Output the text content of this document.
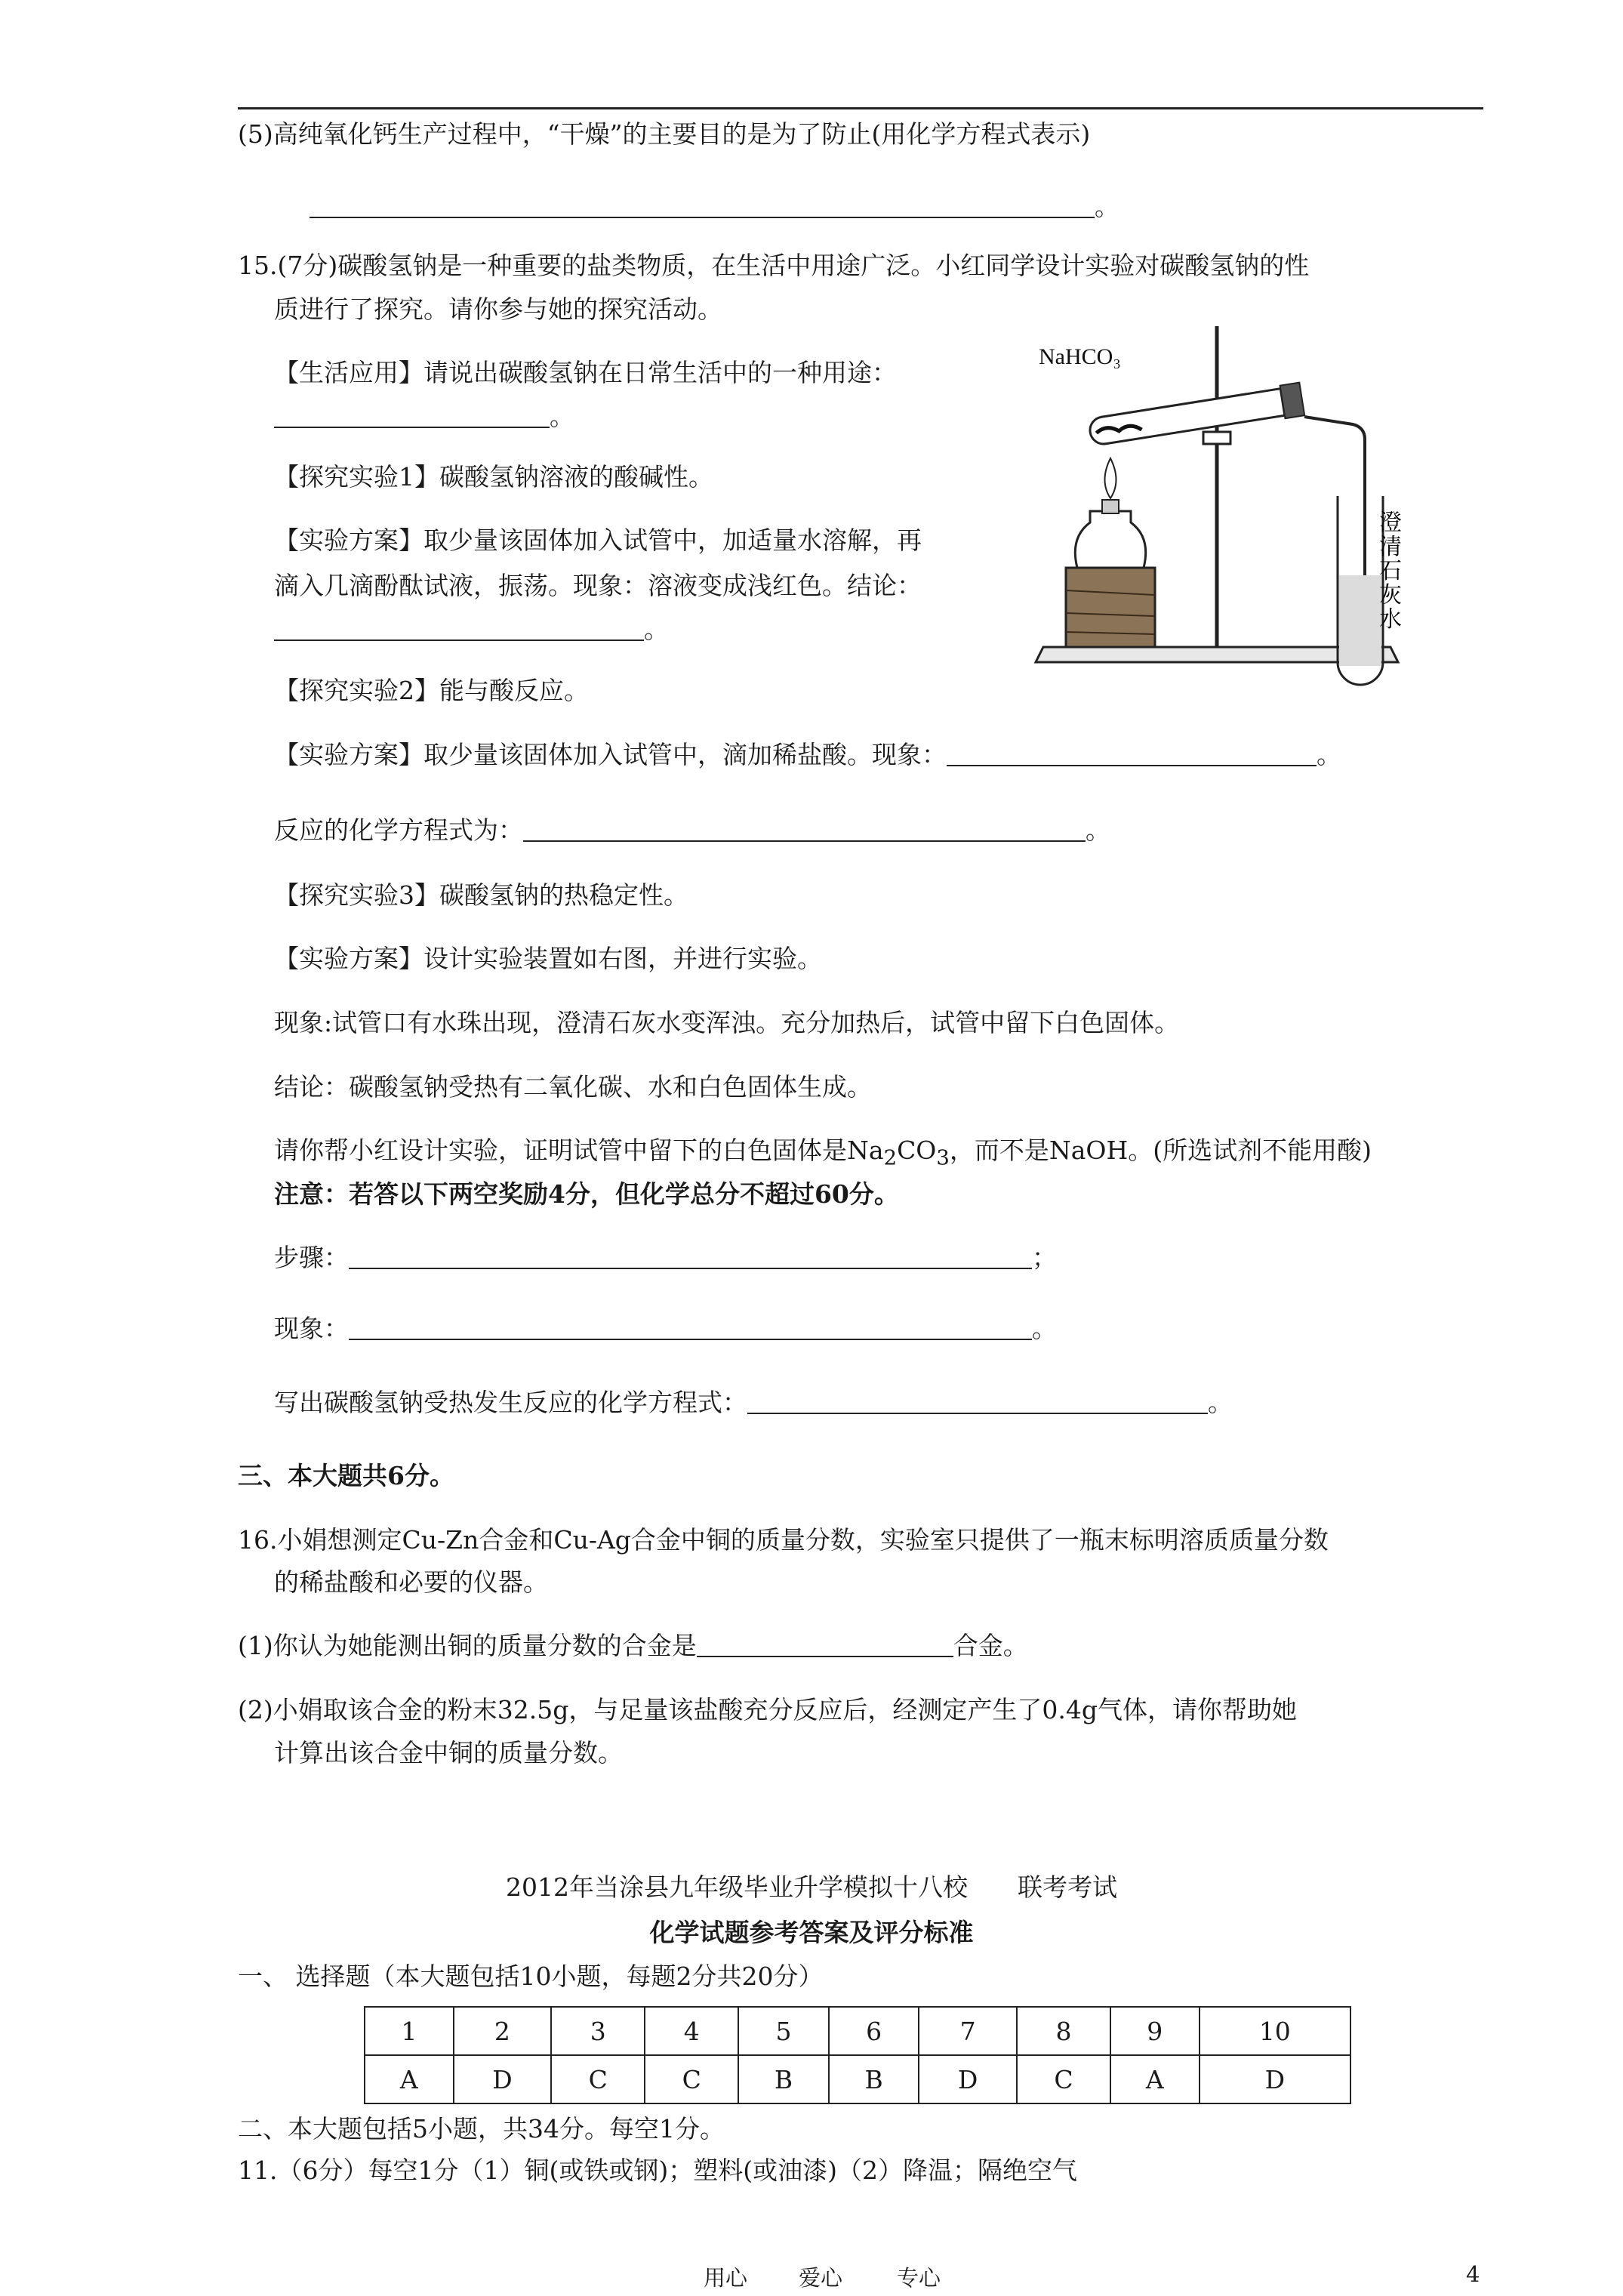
(5)高纯氧化钙生产过程中，“干燥”的主要目的是为了防止(用化学方程式表示)
。
15.(7分)碳酸氢钠是一种重要的盐类物质，在生活中用途广泛。小红同学设计实验对碳酸氢钠的性
质进行了探究。请你参与她的探究活动。
【生活应用】请说出碳酸氢钠在日常生活中的一种用途：
。
【探究实验1】碳酸氢钠溶液的酸碱性。
【实验方案】取少量该固体加入试管中，加适量水溶解，再
滴入几滴酚酞试液，振荡。现象：溶液变成浅红色。结论：
。
NaHCO₃
澄
清
石
灰
水
【探究实验2】能与酸反应。
【实验方案】取少量该固体加入试管中，滴加稀盐酸。现象：	。
反应的化学方程式为：	。
【探究实验3】碳酸氢钠的热稳定性。
【实验方案】设计实验装置如右图，并进行实验。
现象:试管口有水珠出现，澄清石灰水变浑浊。充分加热后，试管中留下白色固体。
结论：碳酸氢钠受热有二氧化碳、水和白色固体生成。
请你帮小红设计实验，证明试管中留下的白色固体是$Na_2CO_3$，而不是NaOH。(所选试剂不能用酸)
注意：若答以下两空奖励4分，但化学总分不超过60分。
步骤：	；
现象：	。
写出碳酸氢钠受热发生反应的化学方程式：	。
三、本大题共6分。
16.小娟想测定Cu-Zn合金和Cu-Ag合金中铜的质量分数，实验室只提供了一瓶末标明溶质质量分数
的稀盐酸和必要的仪器。
(1)你认为她能测出铜的质量分数的合金是	合金。
(2)小娟取该合金的粉末32.5g，与足量该盐酸充分反应后，经测定产生了0.4g气体，请你帮助她
计算出该合金中铜的质量分数。
2012年当涂县九年级毕业升学模拟十八校　　联考考试
化学试题参考答案及评分标准
一、 选择题（本大题包括10小题，每题2分共20分）
1	2	3	4	5	6	7	8	9	10
A	D	C	C	B	B	D	C	A	D
二、本大题包括5小题，共34分。每空1分。
11.（6分）每空1分（1）铜(或铁或钢)；塑料(或油漆)（2）降温；隔绝空气
用心 爱心 专心	4
